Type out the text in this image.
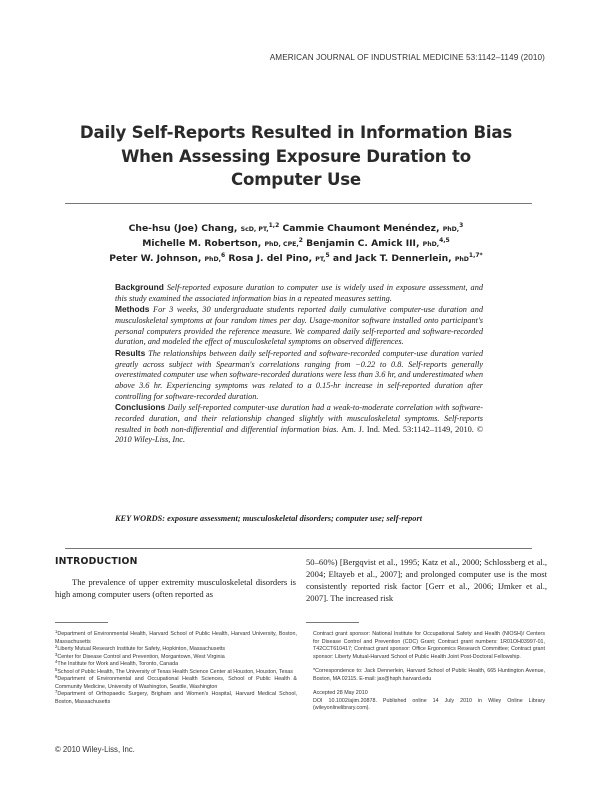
AMERICAN JOURNAL OF INDUSTRIAL MEDICINE 53:1142–1149 (2010)
Daily Self-Reports Resulted in Information Bias
When Assessing Exposure Duration to
Computer Use
Che-hsu (Joe) Chang, ScD, PT,$^{1,2}$ Cammie Chaumont Menéndez, PhD,$^3$
Michelle M. Robertson, PhD, CPE,$^2$ Benjamin C. Amick III, PhD,$^{4,5}$
Peter W. Johnson, PhD,$^6$ Rosa J. del Pino, PT,$^5$ and Jack T. Dennerlein, PhD$^{1,7*}$

Background Self-reported exposure duration to computer use is widely used in exposure assessment, and this study examined the associated information bias in a repeated measures setting.

Methods For 3 weeks, 30 undergraduate students reported daily cumulative computer-use duration and musculoskeletal symptoms at four random times per day. Usage-monitor software installed onto participant's personal computers provided the reference measure. We compared daily self-reported and software-recorded duration, and modeled the effect of musculoskeletal symptoms on observed differences.

Results The relationships between daily self-reported and software-recorded computer-use duration varied greatly across subject with Spearman's correlations ranging from −0.22 to 0.8. Self-reports generally overestimated computer use when software-recorded durations were less than 3.6 hr, and underestimated when above 3.6 hr. Experiencing symptoms was related to a 0.15-hr increase in self-reported duration after controlling for software-recorded duration.

Conclusions Daily self-reported computer-use duration had a weak-to-moderate correlation with software-recorded duration, and their relationship changed slightly with musculoskeletal symptoms. Self-reports resulted in both non-differential and differential information bias. Am. J. Ind. Med. 53:1142–1149, 2010. © 2010 Wiley-Liss, Inc.

KEY WORDS: exposure assessment; musculoskeletal disorders; computer use; self-report
INTRODUCTION

The prevalence of upper extremity musculoskeletal disorders is high among computer users (often reported as

50–60%) [Bergqvist et al., 1995; Katz et al., 2000; Schlossberg et al., 2004; Eltayeb et al., 2007]; and prolonged computer use is the most consistently reported risk factor [Gerr et al., 2006; IJmker et al., 2007]. The increased risk

$^1$Department of Environmental Health, Harvard School of Public Health, Harvard University, Boston, Massachusetts

$^2$Liberty Mutual Research Institute for Safety, Hopkinton, Massachusetts

$^3$Center for Disease Control and Prevention, Morgantown, West Virginia

$^4$The Institute for Work and Health, Toronto, Canada

$^5$School of Public Health, The University of Texas Health Science Center at Houston, Houston, Texas

$^6$Department of Environmental and Occupational Health Sciences, School of Public Health & Community Medicine, University of Washington, Seattle, Washington

$^7$Department of Orthopaedic Surgery, Brigham and Women's Hospital, Harvard Medical School, Boston, Massachusetts

Contract grant sponsor: National Institute for Occupational Safety and Health (NIOSH)/ Centers for Disease Control and Prevention (CDC) Grant; Contract grant numbers: 1R01OH03997-01, T42CCT610417; Contract grant sponsor: Office Ergonomics Research Committee; Contract grant sponsor: Liberty Mutual-Harvard School of Public Health Joint Post-Doctoral Fellowship.

*Correspondence to: Jack Dennerlein, Harvard School of Public Health, 665 Huntington Avenue, Boston, MA 02115. E-mail: jax@hsph.harvard.edu

Accepted 28 May 2010

DOI 10.1002/ajim.20878. Published online 14 July 2010 in Wiley Online Library (wileyonlinelibrary.com).

© 2010 Wiley-Liss, Inc.
